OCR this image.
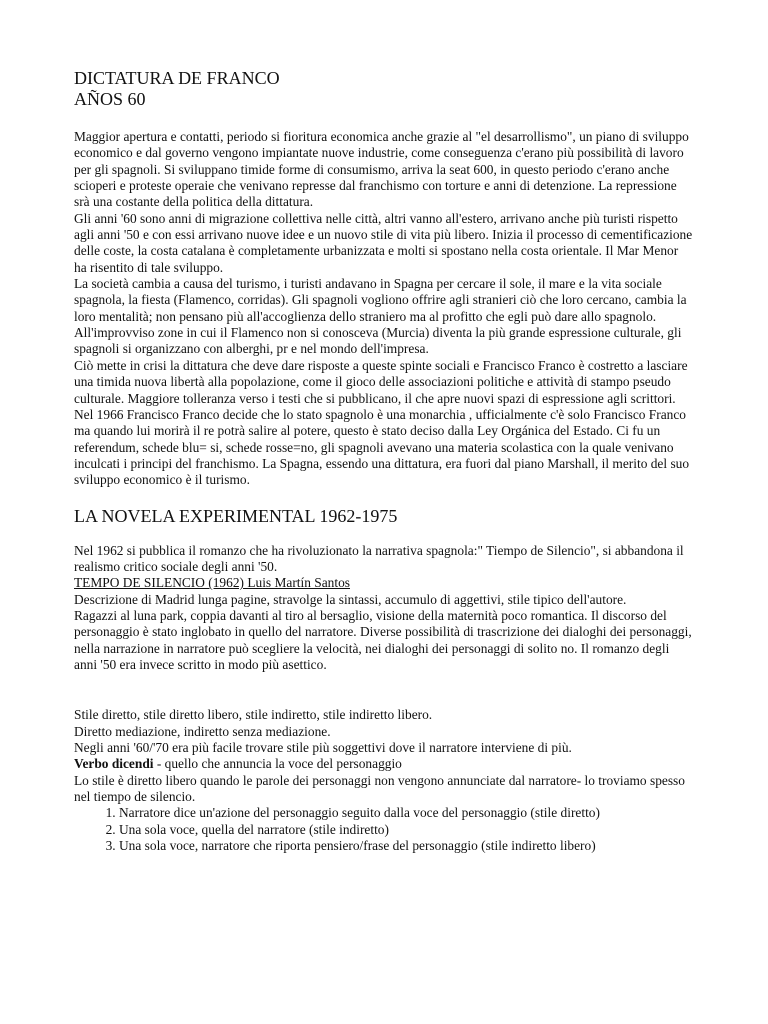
DICTATURA DE FRANCO
AÑOS 60

Maggior apertura e contatti, periodo si fioritura economica anche grazie al "el desarrollismo", un piano di sviluppo economico e dal governo vengono impiantate nuove industrie, come conseguenza c'erano più possibilità di lavoro per gli spagnoli. Si sviluppano timide forme di consumismo, arriva la seat 600, in questo periodo c'erano anche scioperi e proteste operaie che venivano represse dal franchismo con torture e anni di detenzione. La repressione srà una costante della politica della dittatura.

Gli anni '60 sono anni di migrazione collettiva nelle città, altri vanno all'estero, arrivano anche più turisti rispetto agli anni '50 e con essi arrivano nuove idee e un nuovo stile di vita più libero. Inizia il processo di cementificazione delle coste, la costa catalana è completamente urbanizzata e molti si spostano nella costa orientale. Il Mar Menor ha risentito di tale sviluppo.

La società cambia a causa del turismo, i turisti andavano in Spagna per cercare il sole, il mare e la vita sociale spagnola, la fiesta (Flamenco, corridas). Gli spagnoli vogliono offrire agli stranieri ciò che loro cercano, cambia la loro mentalità; non pensano più all'accoglienza dello straniero ma al profitto che egli può dare allo spagnolo. All'improvviso zone in cui il Flamenco non si conosceva (Murcia) diventa la più grande espressione culturale, gli spagnoli si organizzano con alberghi, pr e nel mondo dell'impresa.

Ciò mette in crisi la dittatura che deve dare risposte a queste spinte sociali e Francisco Franco è costretto a lasciare una timida nuova libertà alla popolazione, come il gioco delle associazioni politiche e attività di stampo pseudo culturale. Maggiore tolleranza verso i testi che si pubblicano, il che apre nuovi spazi di espressione agli scrittori. Nel 1966 Francisco Franco decide che lo stato spagnolo è una monarchia , ufficialmente c'è solo Francisco Franco ma quando lui morirà il re potrà salire al potere, questo è stato deciso dalla Ley Orgánica del Estado. Ci fu un referendum, schede blu= si, schede rosse=no, gli spagnoli avevano una materia scolastica con la quale venivano inculcati i principi del franchismo. La Spagna, essendo una dittatura, era fuori dal piano Marshall, il merito del suo sviluppo economico è il turismo.

LA NOVELA EXPERIMENTAL 1962-1975

Nel 1962 si pubblica il romanzo che ha rivoluzionato la narrativa spagnola:" Tiempo de Silencio", si abbandona il realismo critico sociale degli anni '50.

TEMPO DE SILENCIO (1962) Luis Martín Santos

Descrizione di Madrid lunga pagine, stravolge la sintassi, accumulo di aggettivi, stile tipico dell'autore.

Ragazzi al luna park, coppia davanti al tiro al bersaglio, visione della maternità poco romantica. Il discorso del personaggio è stato inglobato in quello del narratore. Diverse possibilità di trascrizione dei dialoghi dei personaggi, nella narrazione in narratore può scegliere la velocità, nei dialoghi dei personaggi di solito no. Il romanzo degli anni '50 era invece scritto in modo più asettico.

Stile diretto, stile diretto libero, stile indiretto, stile indiretto libero.

Diretto mediazione, indiretto senza mediazione.

Negli anni '60/'70 era più facile trovare stile più soggettivi dove il narratore interviene di più.

Verbo dicendi - quello che annuncia la voce del personaggio

Lo stile è diretto libero quando le parole dei personaggi non vengono annunciate dal narratore- lo troviamo spesso nel tiempo de silencio.

1. Narratore dice un'azione del personaggio seguito dalla voce del personaggio (stile diretto)
2. Una sola voce, quella del narratore (stile indiretto)
3. Una sola voce, narratore che riporta pensiero/frase del personaggio (stile indiretto libero)
